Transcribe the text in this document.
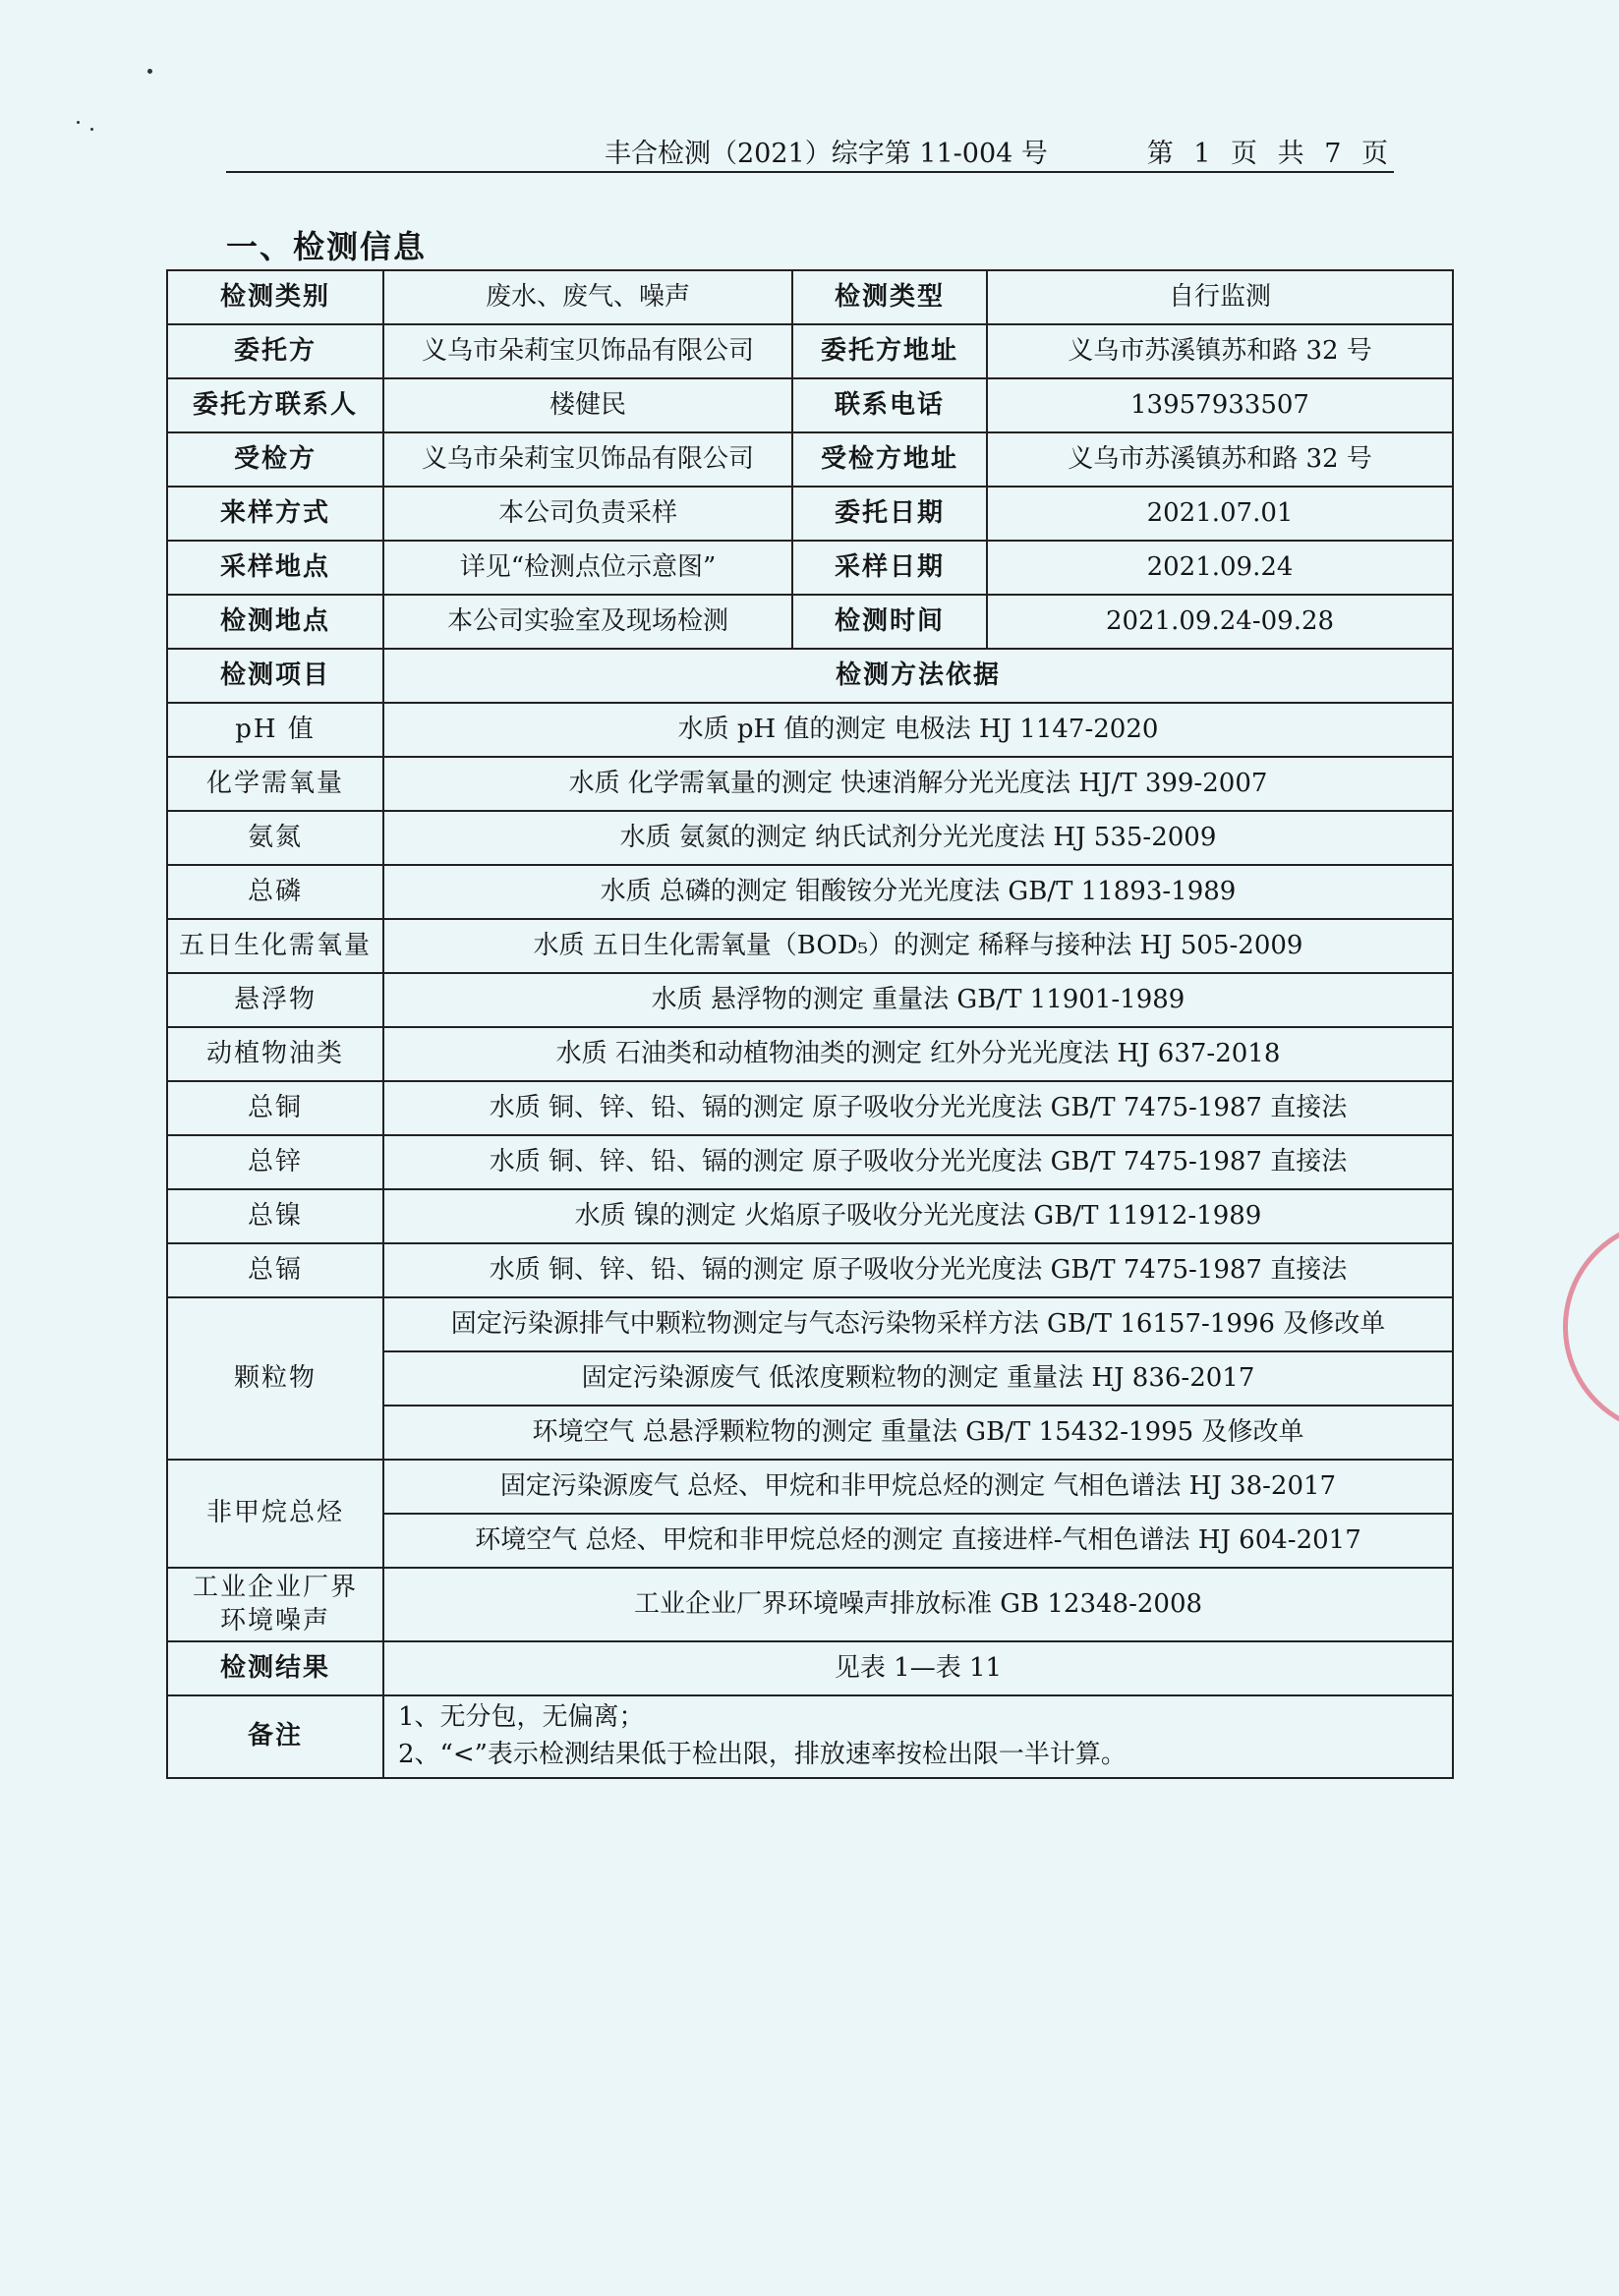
丰合检测（2021）综字第 11-004 号	第 1 页 共 7 页
一、检测信息
检测类别	废水、废气、噪声	检测类型	自行监测
委托方	义乌市朵莉宝贝饰品有限公司	委托方地址	义乌市苏溪镇苏和路 32 号
委托方联系人	楼健民	联系电话	13957933507
受检方	义乌市朵莉宝贝饰品有限公司	受检方地址	义乌市苏溪镇苏和路 32 号
来样方式	本公司负责采样	委托日期	2021.07.01
采样地点	详见“检测点位示意图”	采样日期	2021.09.24
检测地点	本公司实验室及现场检测	检测时间	2021.09.24-09.28
检测项目	检测方法依据		
pH 值	水质 pH 值的测定 电极法 HJ 1147-2020		
化学需氧量	水质 化学需氧量的测定 快速消解分光光度法 HJ/T 399-2007		
氨氮	水质 氨氮的测定 纳氏试剂分光光度法 HJ 535-2009		
总磷	水质 总磷的测定 钼酸铵分光光度法 GB/T 11893-1989		
五日生化需氧量	水质 五日生化需氧量（BOD₅）的测定 稀释与接种法 HJ 505-2009		
悬浮物	水质 悬浮物的测定 重量法 GB/T 11901-1989		
动植物油类	水质 石油类和动植物油类的测定 红外分光光度法 HJ 637-2018		
总铜	水质 铜、锌、铅、镉的测定 原子吸收分光光度法 GB/T 7475-1987 直接法		
总锌	水质 铜、锌、铅、镉的测定 原子吸收分光光度法 GB/T 7475-1987 直接法		
总镍	水质 镍的测定 火焰原子吸收分光光度法 GB/T 11912-1989		
总镉	水质 铜、锌、铅、镉的测定 原子吸收分光光度法 GB/T 7475-1987 直接法		
颗粒物	固定污染源排气中颗粒物测定与气态污染物采样方法 GB/T 16157-1996 及修改单		
	固定污染源废气 低浓度颗粒物的测定 重量法 HJ 836-2017		
	环境空气 总悬浮颗粒物的测定 重量法 GB/T 15432-1995 及修改单		
非甲烷总烃	固定污染源废气 总烃、甲烷和非甲烷总烃的测定 气相色谱法 HJ 38-2017		
	环境空气 总烃、甲烷和非甲烷总烃的测定 直接进样-气相色谱法 HJ 604-2017		

工业企业厂界
环境噪声	工业企业厂界环境噪声排放标准 GB 12348-2008		
检测结果	见表 1—表 11		
备注	1、无分包，无偏离；
2、“<”表示检测结果低于检出限，排放速率按检出限一半计算。		
